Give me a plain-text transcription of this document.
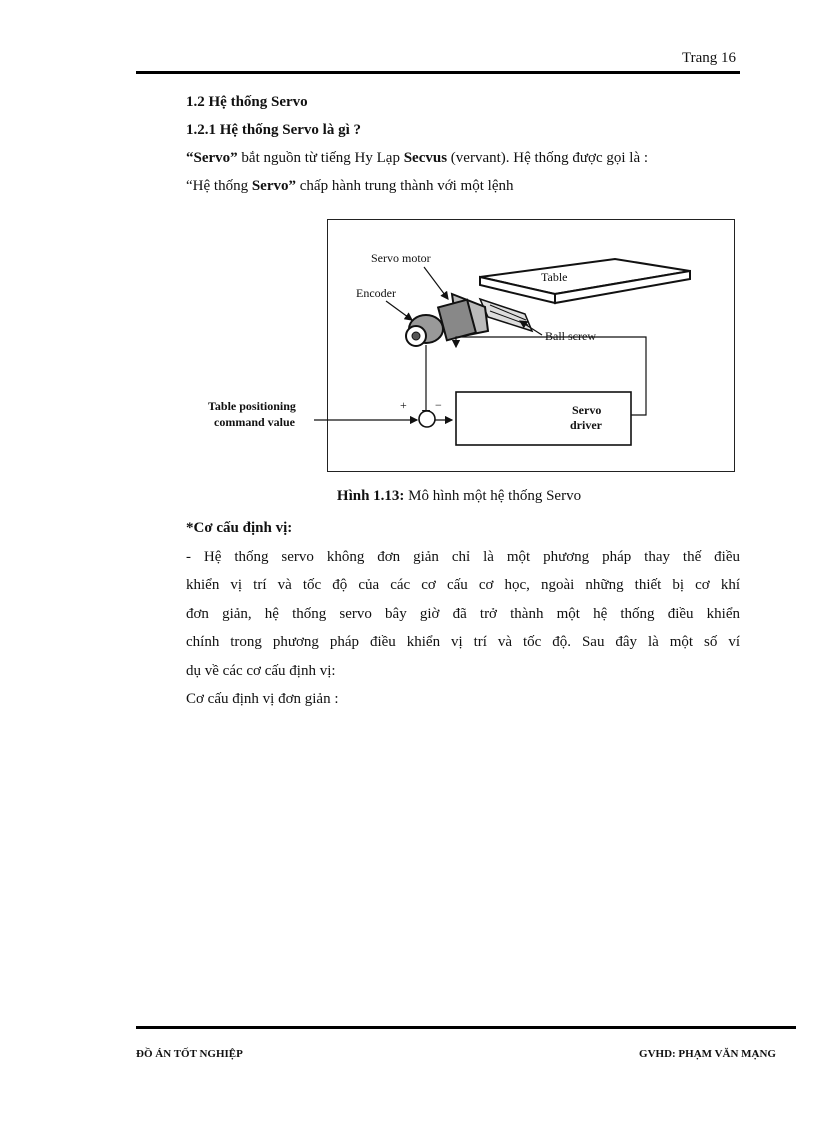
Trang 16
1.2 Hệ thống Servo
1.2.1 Hệ thống Servo là gì ?
“Servo” bắt nguồn từ tiếng Hy Lạp Secvus (vervant). Hệ thống được gọi là :
“Hệ thống Servo” chấp hành trung thành với một lệnh
Servo motor
Encoder
Table
Ball screw
+ −
Table positioning
command value
Servo
driver
Hình 1.13: Mô hình một hệ thống Servo
*Cơ cấu định vị:
- Hệ thống servo không đơn giản chỉ là một phương pháp thay thế điều
khiển vị trí và tốc độ của các cơ cấu cơ học, ngoài những thiết bị cơ khí
đơn giản, hệ thống servo bây giờ đã trở thành một hệ thống điều khiển
chính trong phương pháp điều khiển vị trí và tốc độ. Sau đây là một số ví
dụ về các cơ cấu định vị:
Cơ cấu định vị đơn giản :
ĐỒ ÁN TỐT NGHIỆP	GVHD: PHẠM VĂN MẠNG
